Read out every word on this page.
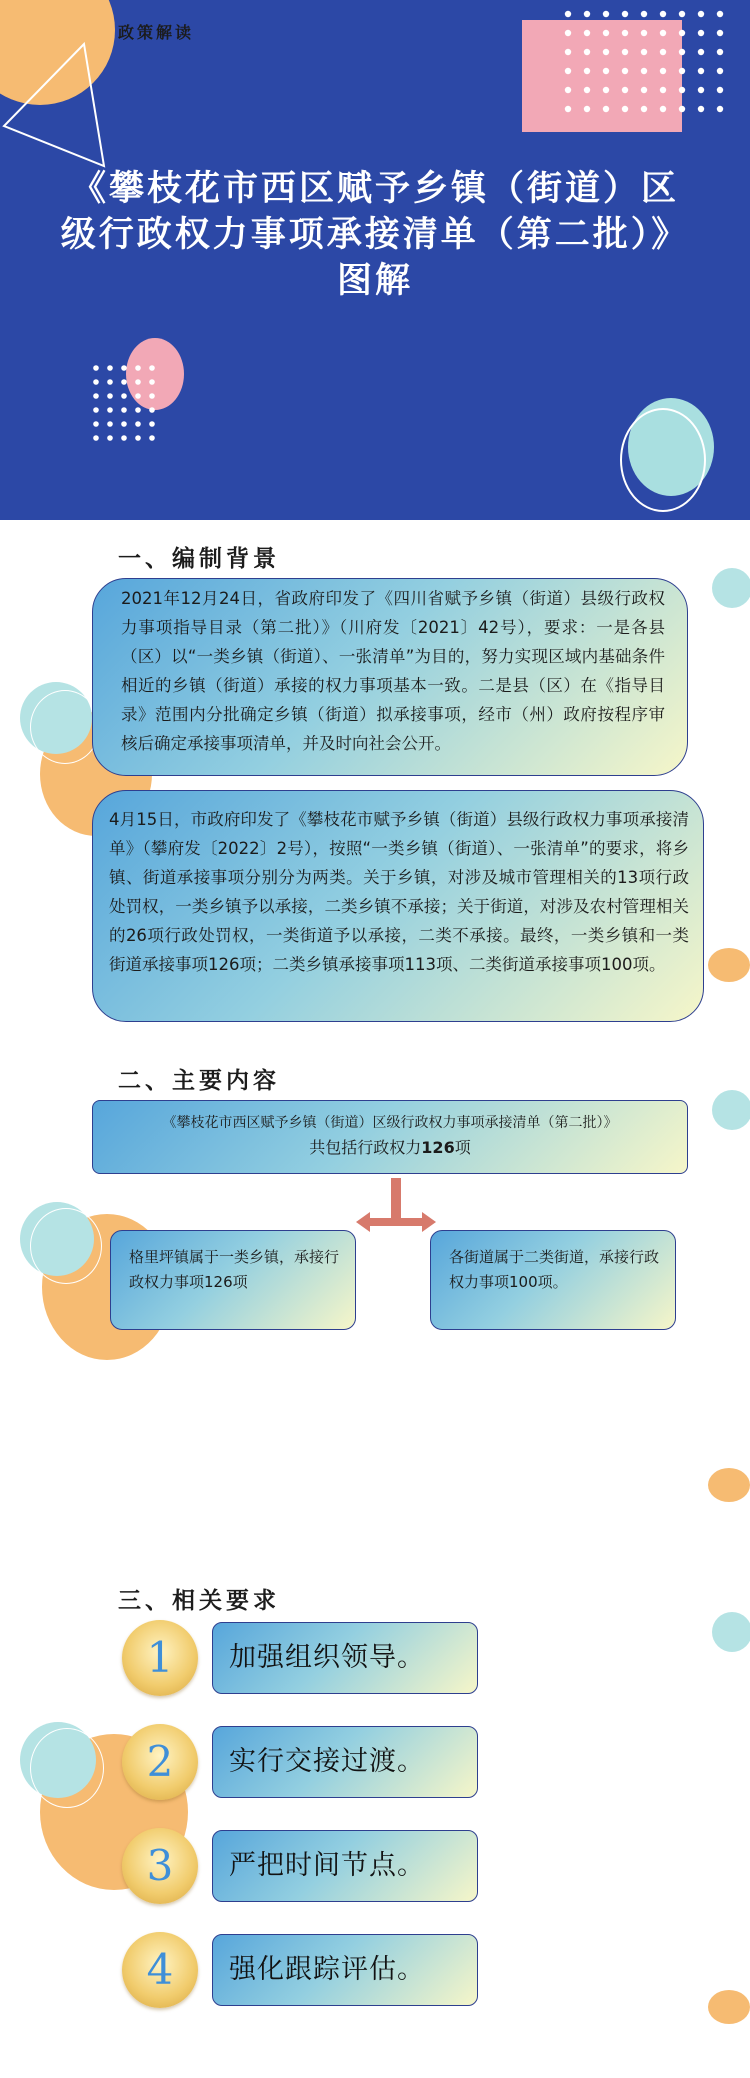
政策解读
《攀枝花市西区赋予乡镇（街道）区
级行政权力事项承接清单（第二批）》
图解
一、编制背景
2021年12月24日，省政府印发了《四川省赋予乡镇（街道）县级行政权力事项指导目录（第二批）》（川府发〔2021〕42号），要求：一是各县（区）以“一类乡镇（街道）、一张清单”为目的，努力实现区域内基础条件相近的乡镇（街道）承接的权力事项基本一致。二是县（区）在《指导目录》范围内分批确定乡镇（街道）拟承接事项，经市（州）政府按程序审核后确定承接事项清单，并及时向社会公开。
4月15日，市政府印发了《攀枝花市赋予乡镇（街道）县级行政权力事项承接清单》（攀府发〔2022〕2号），按照“一类乡镇（街道）、一张清单”的要求，将乡镇、街道承接事项分别分为两类。关于乡镇，对涉及城市管理相关的13项行政处罚权，一类乡镇予以承接，二类乡镇不承接；关于街道，对涉及农村管理相关的26项行政处罚权，一类街道予以承接，二类不承接。最终，一类乡镇和一类街道承接事项126项；二类乡镇承接事项113项、二类街道承接事项100项。
二、主要内容
《攀枝花市西区赋予乡镇（街道）区级行政权力事项承接清单（第二批）》
共包括行政权力126项
格里坪镇属于一类乡镇，承接行政权力事项126项
各街道属于二类街道，承接行政权力事项100项。
三、相关要求
1	加强组织领导。
2	实行交接过渡。
3	严把时间节点。
4	强化跟踪评估。
